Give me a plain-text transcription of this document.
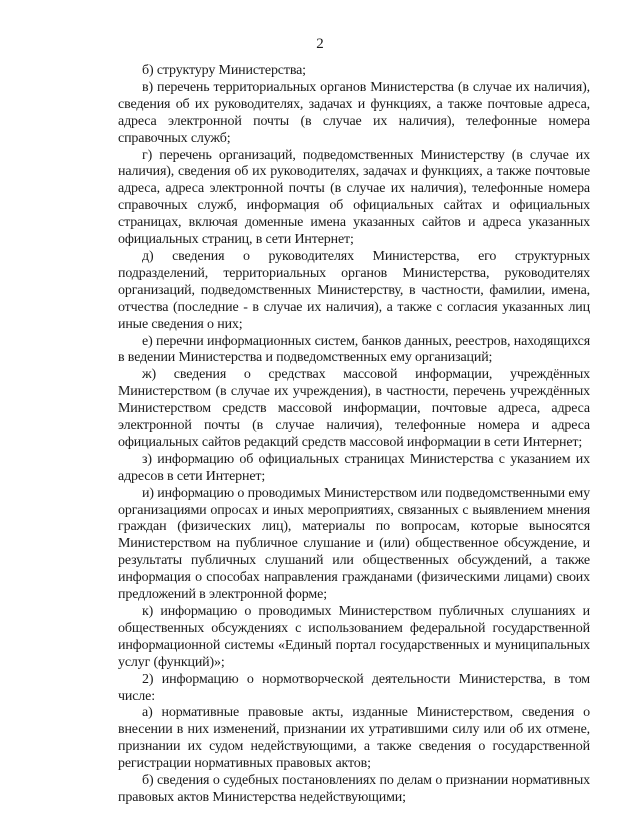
2

б) структуру Министерства;

в) перечень территориальных органов Министерства (в случае их наличия), сведения об их руководителях, задачах и функциях, а также почтовые адреса, адреса электронной почты (в случае их наличия), телефонные номера справочных служб;

г) перечень организаций, подведомственных Министерству (в случае их наличия), сведения об их руководителях, задачах и функциях, а также почтовые адреса, адреса электронной почты (в случае их наличия), телефонные номера справочных служб, информация об официальных сайтах и официальных страницах, включая доменные имена указанных сайтов и адреса указанных официальных страниц, в сети Интернет;

д) сведения о руководителях Министерства, его структурных подразделений, территориальных органов Министерства, руководителях организаций, подведомственных Министерству, в частности, фамилии, имена, отчества (последние - в случае их наличия), а также с согласия указанных лиц иные сведения о них;

е) перечни информационных систем, банков данных, реестров, находящихся в ведении Министерства и подведомственных ему организаций;

ж) сведения о средствах массовой информации, учреждённых Министерством (в случае их учреждения), в частности, перечень учреждённых Министерством средств массовой информации, почтовые адреса, адреса электронной почты (в случае наличия), телефонные номера и адреса официальных сайтов редакций средств массовой информации в сети Интернет;

з) информацию об официальных страницах Министерства с указанием их адресов в сети Интернет;

и) информацию о проводимых Министерством или подведомственными ему организациями опросах и иных мероприятиях, связанных с выявлением мнения граждан (физических лиц), материалы по вопросам, которые выносятся Министерством на публичное слушание и (или) общественное обсуждение, и результаты публичных слушаний или общественных обсуждений, а также информация о способах направления гражданами (физическими лицами) своих предложений в электронной форме;

к) информацию о проводимых Министерством публичных слушаниях и общественных обсуждениях с использованием федеральной государственной информационной системы «Единый портал государственных и муниципальных услуг (функций)»;

2) информацию о нормотворческой деятельности Министерства, в том числе:

а) нормативные правовые акты, изданные Министерством, сведения о внесении в них изменений, признании их утратившими силу или об их отмене, признании их судом недействующими, а также сведения о государственной регистрации нормативных правовых актов;

б) сведения о судебных постановлениях по делам о признании нормативных правовых актов Министерства недействующими;
